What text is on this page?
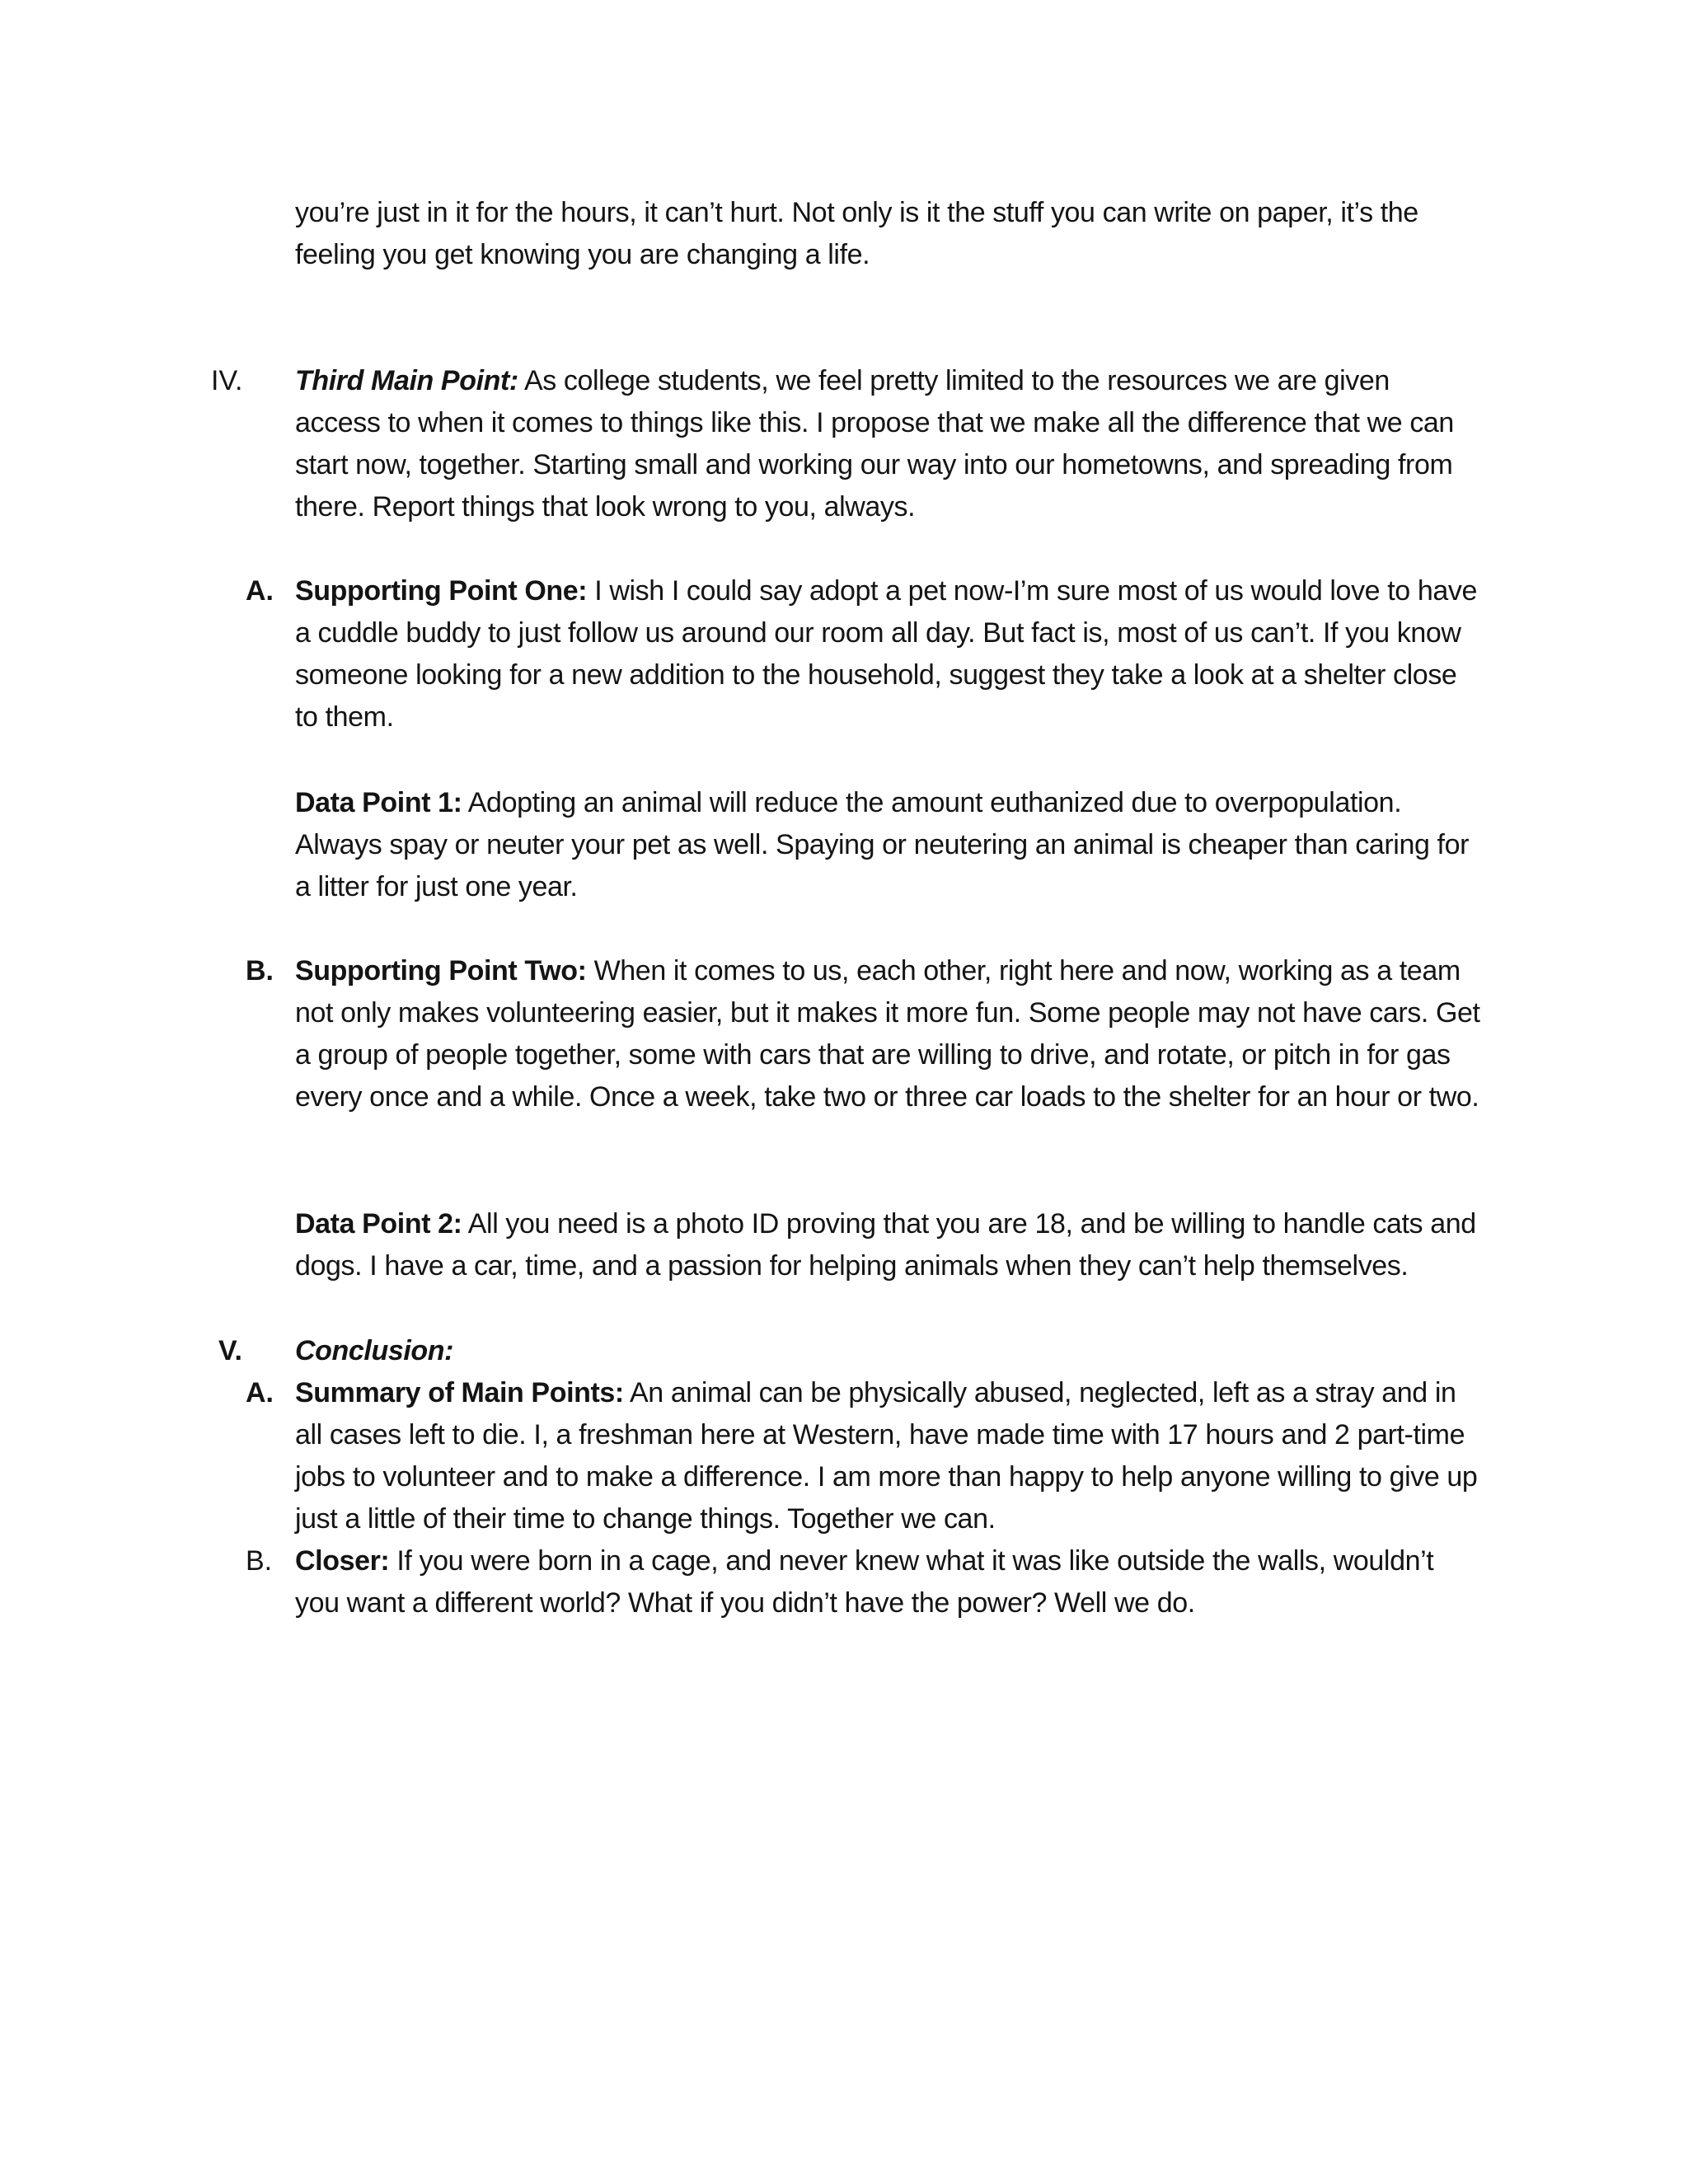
you’re just in it for the hours, it can’t hurt. Not only is it the stuff you can write on paper, it’s the feeling you get knowing you are changing a life.

IV. Third Main Point: As college students, we feel pretty limited to the resources we are given access to when it comes to things like this. I propose that we make all the difference that we can start now, together. Starting small and working our way into our hometowns, and spreading from there. Report things that look wrong to you, always.

A. Supporting Point One: I wish I could say adopt a pet now-I’m sure most of us would love to have a cuddle buddy to just follow us around our room all day. But fact is, most of us can’t. If you know someone looking for a new addition to the household, suggest they take a look at a shelter close to them.

Data Point 1: Adopting an animal will reduce the amount euthanized due to overpopulation. Always spay or neuter your pet as well. Spaying or neutering an animal is cheaper than caring for a litter for just one year.

B. Supporting Point Two: When it comes to us, each other, right here and now, working as a team not only makes volunteering easier, but it makes it more fun. Some people may not have cars. Get a group of people together, some with cars that are willing to drive, and rotate, or pitch in for gas every once and a while. Once a week, take two or three car loads to the shelter for an hour or two.

Data Point 2: All you need is a photo ID proving that you are 18, and be willing to handle cats and dogs. I have a car, time, and a passion for helping animals when they can’t help themselves.

V. Conclusion:

A. Summary of Main Points: An animal can be physically abused, neglected, left as a stray and in all cases left to die. I, a freshman here at Western, have made time with 17 hours and 2 part-time jobs to volunteer and to make a difference. I am more than happy to help anyone willing to give up just a little of their time to change things. Together we can.

B. Closer: If you were born in a cage, and never knew what it was like outside the walls, wouldn’t you want a different world? What if you didn’t have the power? Well we do.
